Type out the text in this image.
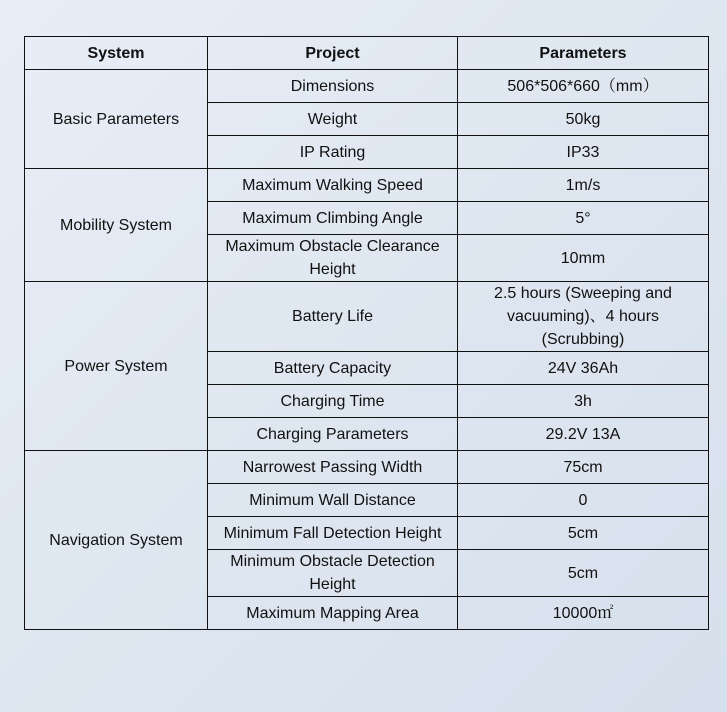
System	Project	Parameters
Basic Parameters	Dimensions	506*506*660（mm）
	Weight	50kg
	IP Rating	IP33
Mobility System	Maximum Walking Speed	1m/s
	Maximum Climbing Angle	5°
	Maximum Obstacle Clearance Height	10mm
Power System	Battery Life	2.5 hours (Sweeping and vacuuming)、4 hours (Scrubbing)
	Battery Capacity	24V 36Ah
	Charging Time	3h
	Charging Parameters	29.2V 13A
Navigation System	Narrowest Passing Width	75cm
	Minimum Wall Distance	0
	Minimum Fall Detection Height	5cm
	Minimum Obstacle Detection Height	5cm
	Maximum Mapping Area	10000㎡
